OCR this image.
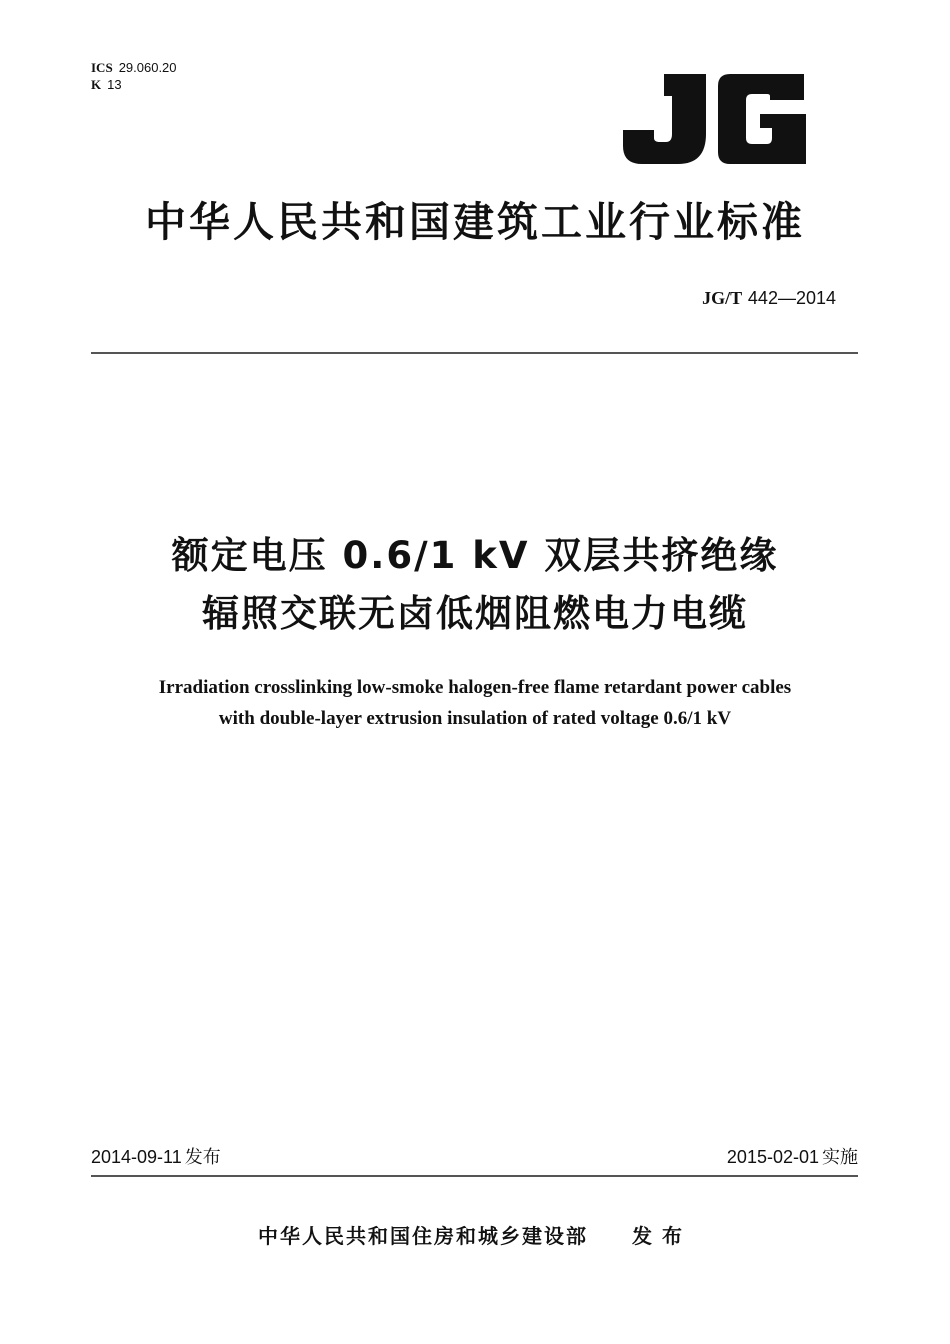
ICS 29.060.20
K 13
JG
中华人民共和国建筑工业行业标准
JG/T 442—2014
额定电压 0.6/1 kV 双层共挤绝缘
辐照交联无卤低烟阻燃电力电缆
Irradiation crosslinking low-smoke halogen-free flame retardant power cables
with double-layer extrusion insulation of rated voltage 0.6/1 kV
2014-09-11 发布	2015-02-01 实施
中华人民共和国住房和城乡建设部 发布
